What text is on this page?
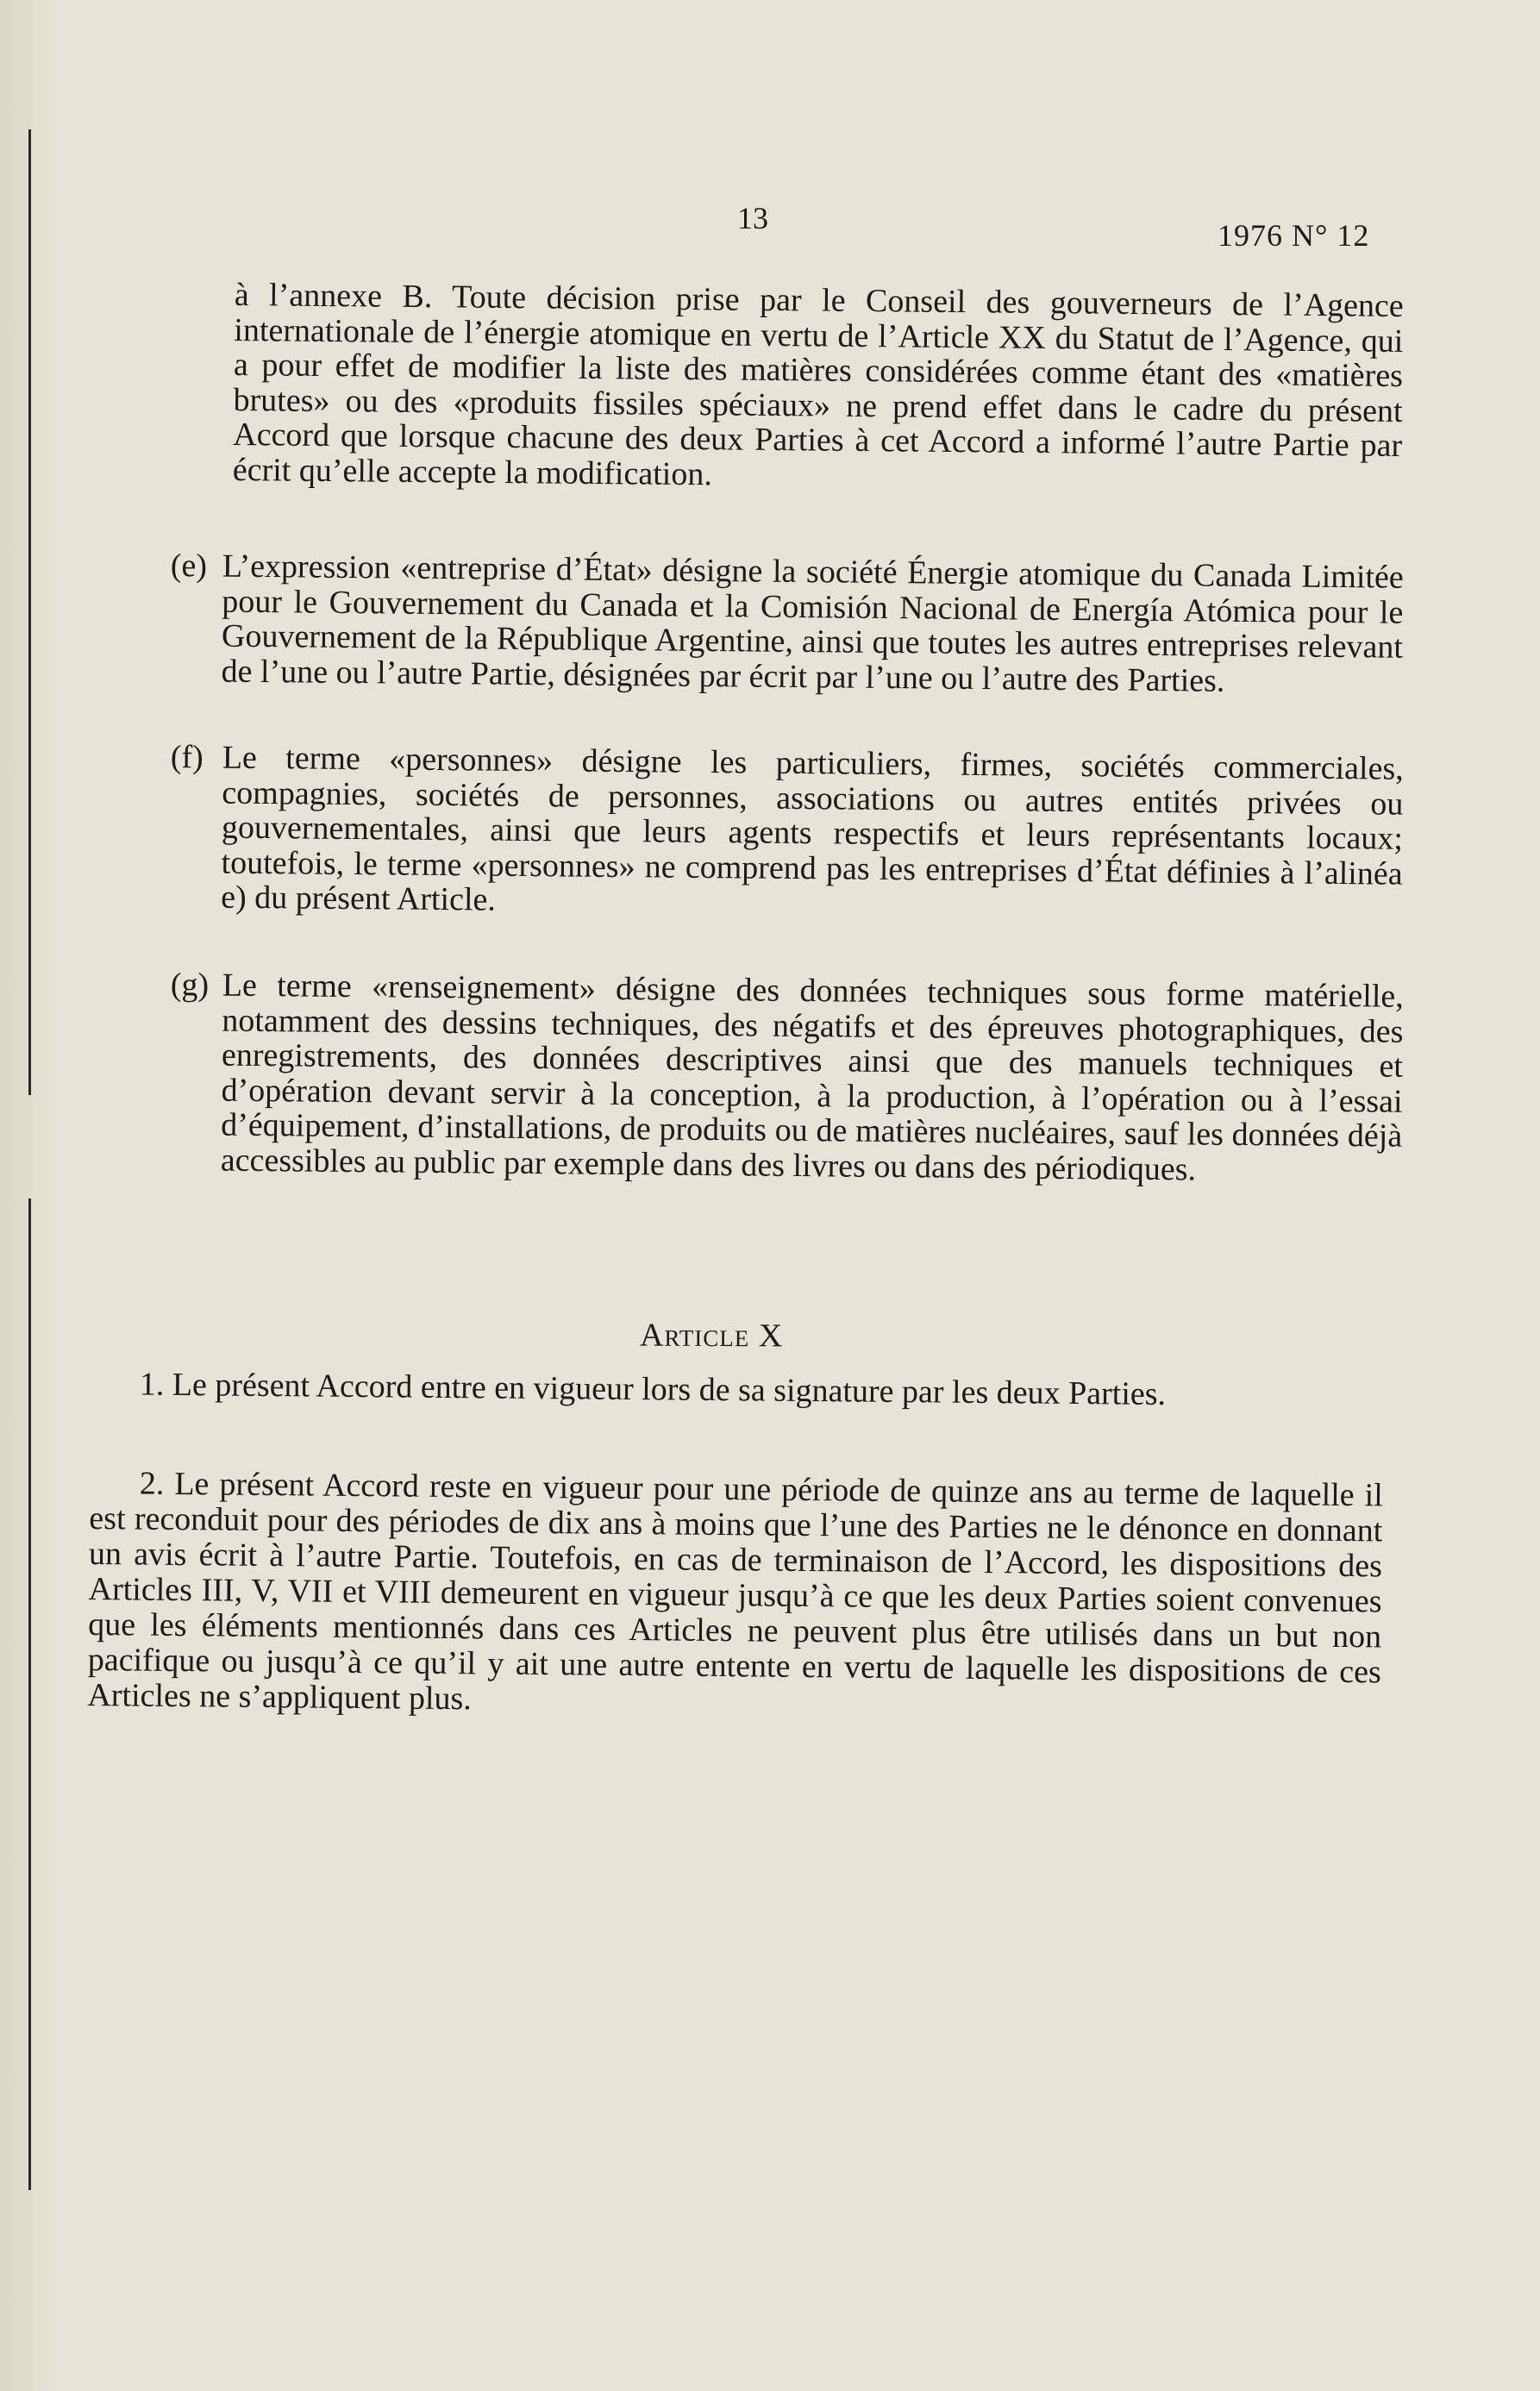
13	1976 N° 12

à l’annexe B. Toute décision prise par le Conseil des gouverneurs de l’Agence internationale de l’énergie atomique en vertu de l’Article XX du Statut de l’Agence, qui a pour effet de modifier la liste des matières considérées comme étant des «matières brutes» ou des «produits fissiles spéciaux» ne prend effet dans le cadre du présent Accord que lorsque chacune des deux Parties à cet Accord a informé l’autre Partie par écrit qu’elle accepte la modification.

(e) L’expression «entreprise d’État» désigne la société Énergie atomique du Canada Limitée pour le Gouvernement du Canada et la Comisión Nacional de Energía Atómica pour le Gouvernement de la République Argentine, ainsi que toutes les autres entreprises relevant de l’une ou l’autre Partie, désignées par écrit par l’une ou l’autre des Parties.
(f) Le terme «personnes» désigne les particuliers, firmes, sociétés commerciales, compagnies, sociétés de personnes, associations ou autres entités privées ou gouvernementales, ainsi que leurs agents respectifs et leurs représentants locaux; toutefois, le terme «personnes» ne comprend pas les entreprises d’État définies à l’alinéa e) du présent Article.
(g) Le terme «renseignement» désigne des données techniques sous forme matérielle, notamment des dessins techniques, des négatifs et des épreuves photographiques, des enregistrements, des données descriptives ainsi que des manuels techniques et d’opération devant servir à la conception, à la production, à l’opération ou à l’essai d’équipement, d’installations, de produits ou de matières nucléaires, sauf les données déjà accessibles au public par exemple dans des livres ou dans des périodiques.
Article X
1. Le présent Accord entre en vigueur lors de sa signature par les deux Parties.
2. Le présent Accord reste en vigueur pour une période de quinze ans au terme de laquelle il est reconduit pour des périodes de dix ans à moins que l’une des Parties ne le dénonce en donnant un avis écrit à l’autre Partie. Toutefois, en cas de terminaison de l’Accord, les dispositions des Articles III, V, VII et VIII demeurent en vigueur jusqu’à ce que les deux Parties soient convenues que les éléments mentionnés dans ces Articles ne peuvent plus être utilisés dans un but non pacifique ou jusqu’à ce qu’il y ait une autre entente en vertu de laquelle les dispositions de ces Articles ne s’appliquent plus.
